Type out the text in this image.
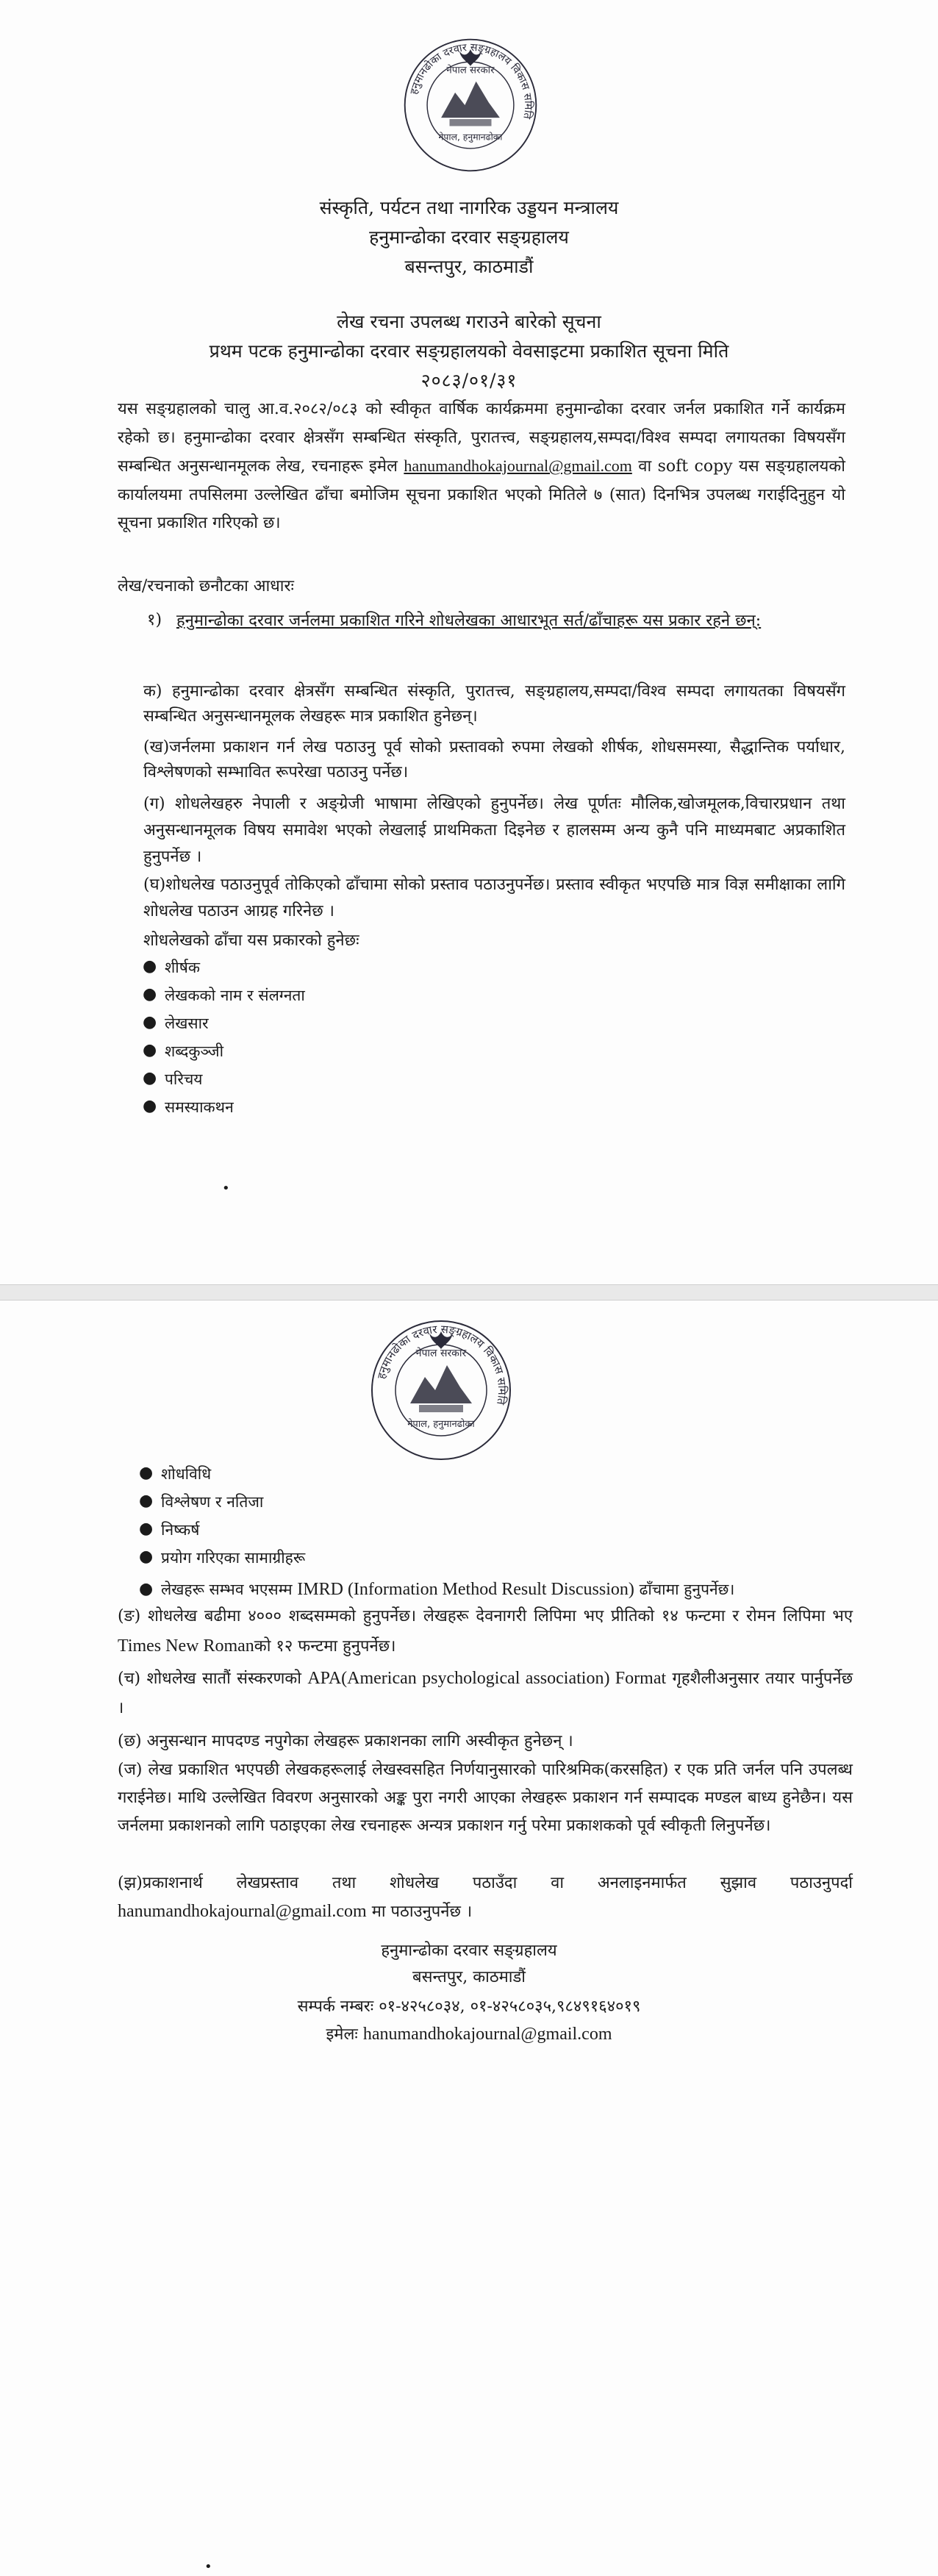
हनुमानढोका दरवार सङ्ग्रहालय विकास समिति
नेपाल सरकार
नेपाल, हनुमानढोका
संस्कृति, पर्यटन तथा नागरिक उड्डयन मन्त्रालय
हनुमान्ढोका दरवार सङ्ग्रहालय
बसन्तपुर, काठमाडौं
लेख रचना उपलब्ध गराउने बारेको सूचना
प्रथम पटक हनुमान्ढोका दरवार सङ्ग्रहालयको वेवसाइटमा प्रकाशित सूचना मिति
२०८३/०१/३१

यस सङ्ग्रहालको चालु आ.व.२०८२/०८३ को स्वीकृत वार्षिक कार्यक्रममा हनुमान्ढोका दरवार जर्नल प्रकाशित गर्ने कार्यक्रम रहेको छ। हनुमान्ढोका दरवार क्षेत्रसँग सम्बन्धित संस्कृति, पुरातत्त्व, सङ्ग्रहालय,सम्पदा/विश्व सम्पदा लगायतका विषयसँग सम्बन्धित अनुसन्धानमूलक लेख, रचनाहरू इमेल hanumandhokajournal@gmail.com वा soft copy यस सङ्ग्रहालयको कार्यालयमा तपसिलमा उल्लेखित ढाँचा बमोजिम सूचना प्रकाशित भएको मितिले ७ (सात) दिनभित्र उपलब्ध गराईदिनुहुन यो सूचना प्रकाशित गरिएको छ।

लेख/रचनाको छनौटका आधारः

१) हनुमान्ढोका दरवार जर्नलमा प्रकाशित गरिने शोधलेखका आधारभूत सर्त/ढाँचाहरू यस प्रकार रहने छन्:

क) हनुमान्ढोका दरवार क्षेत्रसँग सम्बन्धित संस्कृति, पुरातत्त्व, सङ्ग्रहालय,सम्पदा/विश्व सम्पदा लगायतका विषयसँग सम्बन्धित अनुसन्धानमूलक लेखहरू मात्र प्रकाशित हुनेछन्।

(ख)जर्नलमा प्रकाशन गर्न लेख पठाउनु पूर्व सोको प्रस्तावको रुपमा लेखको शीर्षक, शोधसमस्या, सैद्धान्तिक पर्याधार, विश्लेषणको सम्भावित रूपरेखा पठाउनु पर्नेछ।

(ग) शोधलेखहरु नेपाली र अङ्ग्रेजी भाषामा लेखिएको हुनुपर्नेछ। लेख पूर्णतः मौलिक,खोजमूलक,विचारप्रधान तथा अनुसन्धानमूलक विषय समावेश भएको लेखलाई प्राथमिकता दिइनेछ र हालसम्म अन्य कुनै पनि माध्यमबाट अप्रकाशित हुनुपर्नेछ ।

(घ)शोधलेख पठाउनुपूर्व तोकिएको ढाँचामा सोको प्रस्ताव पठाउनुपर्नेछ। प्रस्ताव स्वीकृत भएपछि मात्र विज्ञ समीक्षाका लागि शोधलेख पठाउन आग्रह गरिनेछ ।

शोधलेखको ढाँचा यस प्रकारको हुनेछः

● शीर्षक
● लेखकको नाम र संलग्नता
● लेखसार
● शब्दकुञ्जी
● परिचय
● समस्याकथन
•
हनुमानढोका दरवार सङ्ग्रहालय विकास समिति
नेपाल सरकार
नेपाल, हनुमानढोका
● शोधविधि
● विश्लेषण र नतिजा
● निष्कर्ष
● प्रयोग गरिएका सामाग्रीहरू
● लेखहरू सम्भव भएसम्म IMRD (Information Method Result Discussion) ढाँचामा हुनुपर्नेछ।

(ङ) शोधलेख बढीमा ४००० शब्दसम्मको हुनुपर्नेछ। लेखहरू देवनागरी लिपिमा भए प्रीतिको १४ फन्टमा र रोमन लिपिमा भए Times New Romanको १२ फन्टमा हुनुपर्नेछ।

(च) शोधलेख सातौं संस्करणको APA(American psychological association) Format गृहशैलीअनुसार तयार पार्नुपर्नेछ ।

(छ) अनुसन्धान मापदण्ड नपुगेका लेखहरू प्रकाशनका लागि अस्वीकृत हुनेछन् ।

(ज) लेख प्रकाशित भएपछी लेखकहरूलाई लेखस्वसहित निर्णयानुसारको पारिश्रमिक(करसहित) र एक प्रति जर्नल पनि उपलब्ध गराईनेछ। माथि उल्लेखित विवरण अनुसारको अङ्क पुरा नगरी आएका लेखहरू प्रकाशन गर्न सम्पादक मण्डल बाध्य हुनेछैन। यस जर्नलमा प्रकाशनको लागि पठाइएका लेख रचनाहरू अन्यत्र प्रकाशन गर्नु परेमा प्रकाशकको पूर्व स्वीकृती लिनुपर्नेछ।

(झ)प्रकाशनार्थ लेखप्रस्ताव तथा शोधलेख पठाउँदा वा अनलाइनमार्फत सुझाव पठाउनुपर्दा hanumandhokajournal@gmail.com मा पठाउनुपर्नेछ ।

हनुमान्ढोका दरवार सङ्ग्रहालय
बसन्तपुर, काठमाडौं
सम्पर्क नम्बरः ०१-४२५८०३४, ०१-४२५८०३५,९८४९१६४०१९
इमेलः hanumandhokajournal@gmail.com
•
